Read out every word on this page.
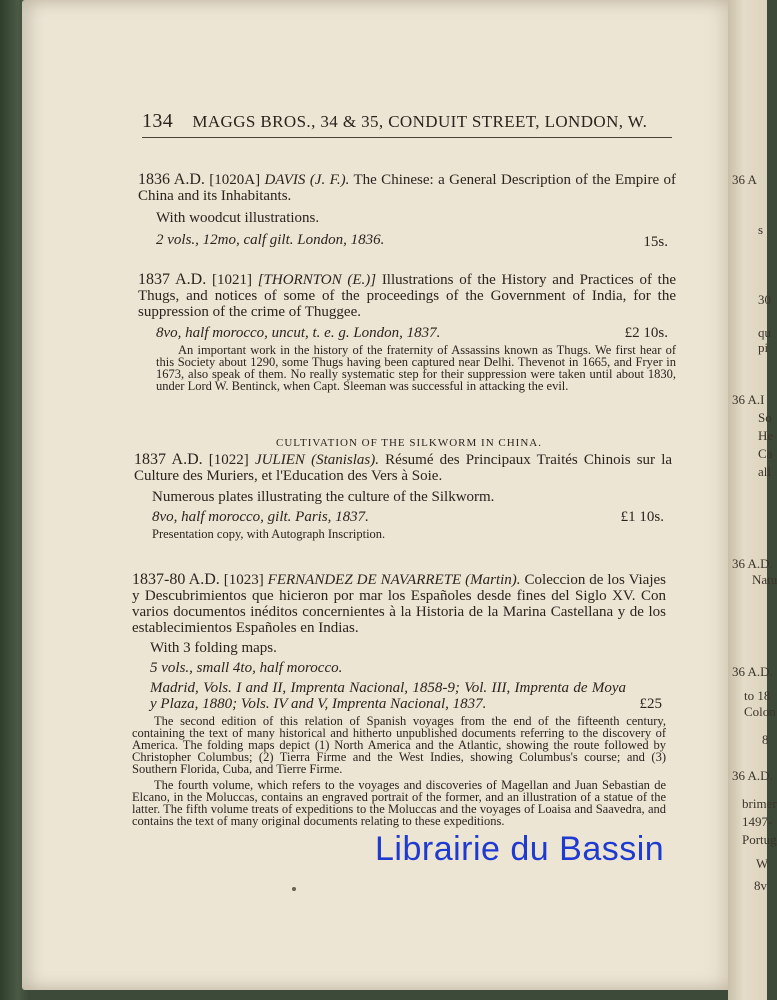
134 MAGGS BROS., 34 & 35, CONDUIT STREET, LONDON, W.
1836 A.D. [1020A] DAVIS (J. F.). The Chinese: a General Description of the Empire of China and its Inhabitants.
With woodcut illustrations.
2 vols., 12mo, calf gilt. London, 1836.	15s.
1837 A.D. [1021] [THORNTON (E.)] Illustrations of the History and Practices of the Thugs, and notices of some of the proceedings of the Government of India, for the suppression of the crime of Thuggee.
8vo, half morocco, uncut, t. e. g. London, 1837.	£2 10s.
An important work in the history of the fraternity of Assassins known as Thugs. We first hear of this Society about 1290, some Thugs having been captured near Delhi. Thevenot in 1665, and Fryer in 1673, also speak of them. No really systematic step for their suppression were taken until about 1830, under Lord W. Bentinck, when Capt. Sleeman was successful in attacking the evil.
CULTIVATION OF THE SILKWORM IN CHINA.
1837 A.D. [1022] JULIEN (Stanislas). Résumé des Principaux Traités Chinois sur la Culture des Muriers, et l'Education des Vers à Soie.
Numerous plates illustrating the culture of the Silkworm.
8vo, half morocco, gilt. Paris, 1837.	£1 10s.
Presentation copy, with Autograph Inscription.
1837-80 A.D. [1023] FERNANDEZ DE NAVARRETE (Martin). Coleccion de los Viajes y Descubrimientos que hicieron por mar los Españoles desde fines del Siglo XV. Con varios documentos inéditos concernientes à la Historia de la Marina Castellana y de los establecimientos Españoles en Indias.
With 3 folding maps.
5 vols., small 4to, half morocco.
Madrid, Vols. I and II, Imprenta Nacional, 1858-9; Vol. III, Imprenta de Moya y Plaza, 1880; Vols. IV and V, Imprenta Nacional, 1837.	£25
The second edition of this relation of Spanish voyages from the end of the fifteenth century, containing the text of many historical and hitherto unpublished documents referring to the discovery of America. The folding maps depict (1) North America and the Atlantic, showing the route followed by Christopher Columbus; (2) Tierra Firme and the West Indies, showing Columbus's course; and (3) Southern Florida, Cuba, and Tierre Firme.
The fourth volume, which refers to the voyages and discoveries of Magellan and Juan Sebastian de Elcano, in the Moluccas, contains an engraved portrait of the former, and an illustration of a statue of the latter. The fifth volume treats of expeditions to the Moluccas and the voyages of Loaisa and Saavedra, and contains the text of many original documents relating to these expeditions.
Librairie du Bassin
36 A
s
30
qu
pi
36 A.I
So
He
Ca
all
36 A.D.
Natu
36 A.D.
to 18
Colon
8
36 A.D.
brimer
1497-
Portug
W
8v
